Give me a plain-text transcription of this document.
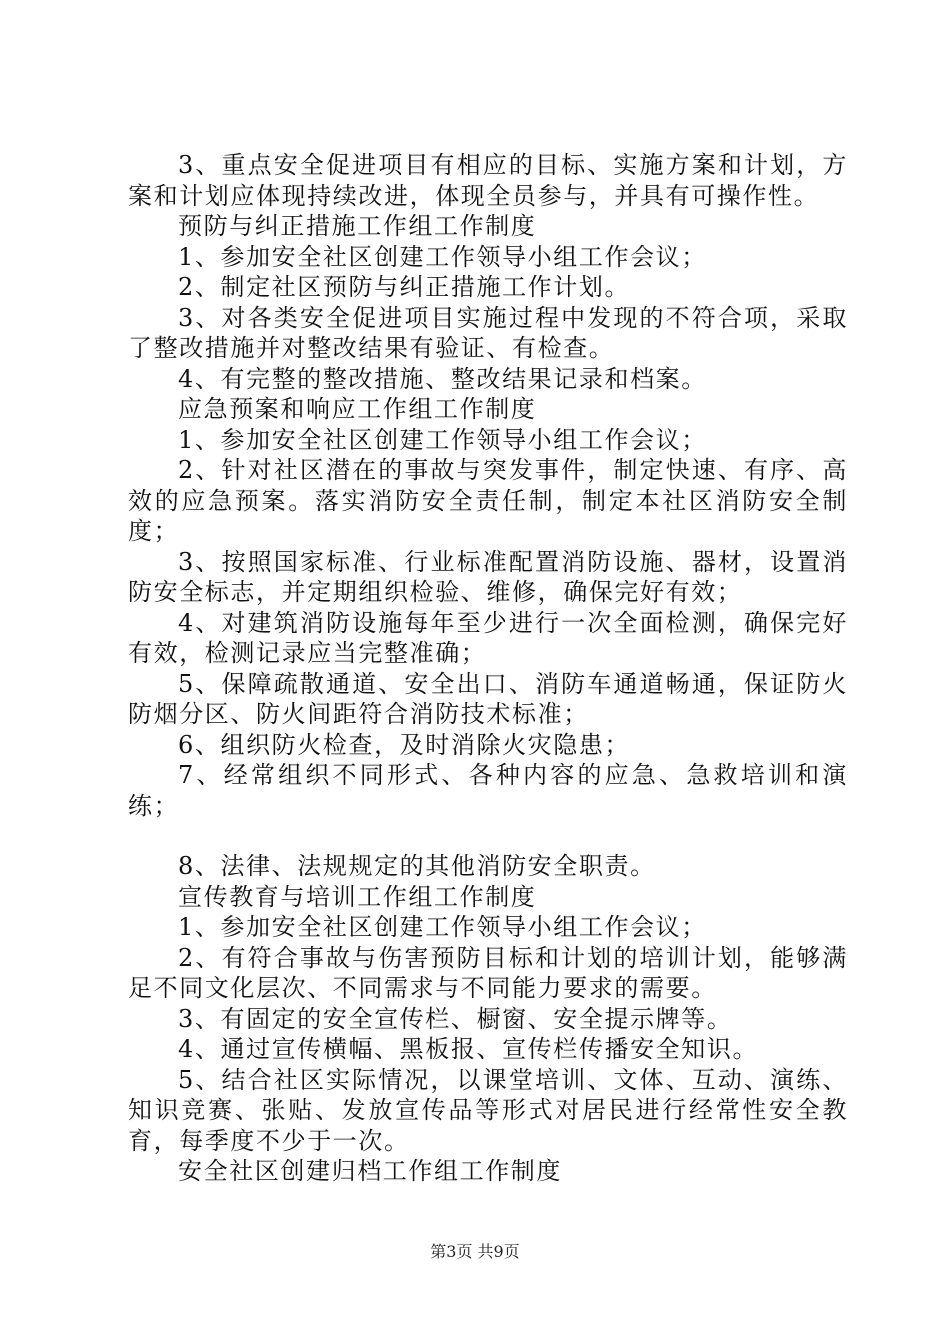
3、重点安全促进项目有相应的目标、实施方案和计划，方案和计划应体现持续改进，体现全员参与，并具有可操作性。

预防与纠正措施工作组工作制度

1、参加安全社区创建工作领导小组工作会议；

2、制定社区预防与纠正措施工作计划。

3、对各类安全促进项目实施过程中发现的不符合项，采取了整改措施并对整改结果有验证、有检查。

4、有完整的整改措施、整改结果记录和档案。

应急预案和响应工作组工作制度

1、参加安全社区创建工作领导小组工作会议；

2、针对社区潜在的事故与突发事件，制定快速、有序、高效的应急预案。落实消防安全责任制，制定本社区消防安全制度；

3、按照国家标准、行业标准配置消防设施、器材，设置消防安全标志，并定期组织检验、维修，确保完好有效；

4、对建筑消防设施每年至少进行一次全面检测，确保完好有效，检测记录应当完整准确；

5、保障疏散通道、安全出口、消防车通道畅通，保证防火防烟分区、防火间距符合消防技术标准；

6、组织防火检查，及时消除火灾隐患；

7、经常组织不同形式、各种内容的应急、急救培训和演练；

8、法律、法规规定的其他消防安全职责。

宣传教育与培训工作组工作制度

1、参加安全社区创建工作领导小组工作会议；

2、有符合事故与伤害预防目标和计划的培训计划，能够满足不同文化层次、不同需求与不同能力要求的需要。

3、有固定的安全宣传栏、橱窗、安全提示牌等。

4、通过宣传横幅、黑板报、宣传栏传播安全知识。

5、结合社区实际情况，以课堂培训、文体、互动、演练、知识竞赛、张贴、发放宣传品等形式对居民进行经常性安全教育，每季度不少于一次。

安全社区创建归档工作组工作制度

第3页 共9页
